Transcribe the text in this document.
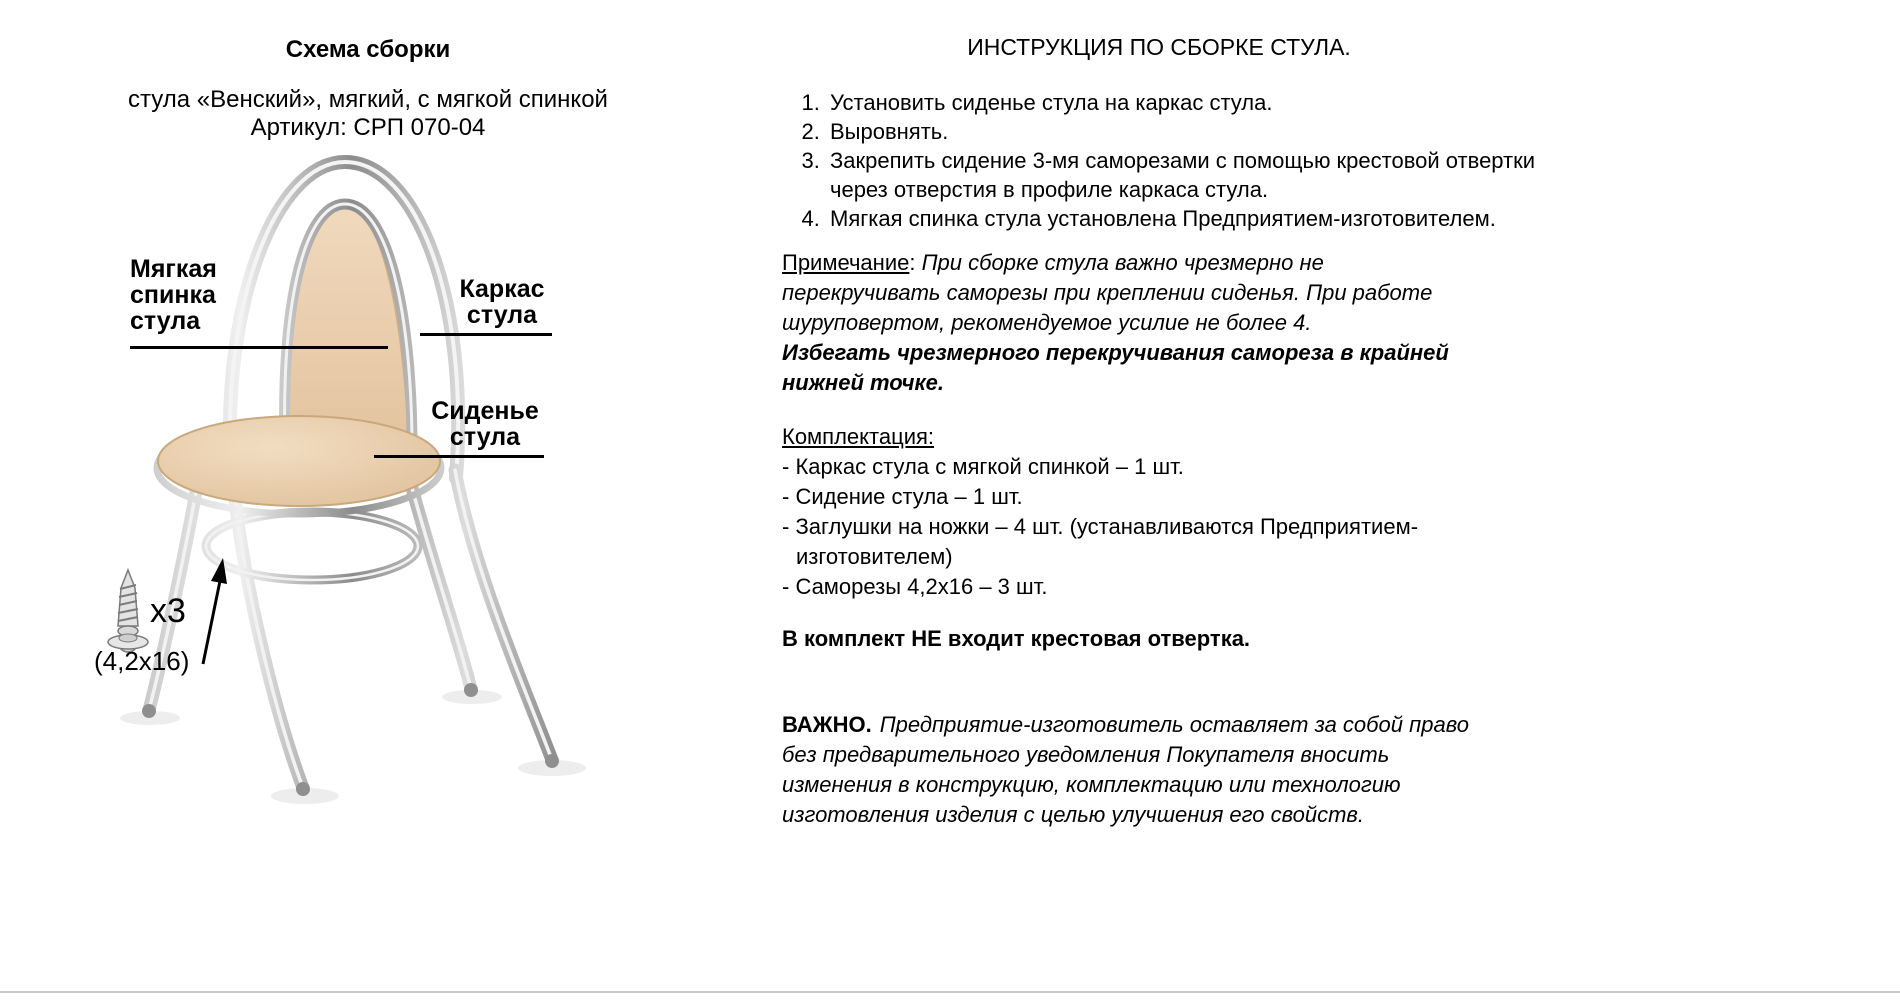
Схема сборки

стула «Венский», мягкий, с мягкой спинкой

Артикул: СРП 070-04

Мягкая
спинка
стула
Каркас
стула
Сиденье
стула
х3
(4,2х16)
ИНСТРУКЦИЯ ПО СБОРКЕ СТУЛА.
1. Установить сиденье стула на каркас стула.
2. Выровнять.
3. Закрепить сидение 3-мя саморезами с помощью крестовой отвертки через отверстия в профиле каркаса стула.
4. Мягкая спинка стула установлена Предприятием-изготовителем.
Примечание: При сборке стула важно чрезмерно не
перекручивать саморезы при креплении сиденья. При работе
шуруповертом, рекомендуемое усилие не более 4.
Избегать чрезмерного перекручивания самореза в крайней
нижней точке.
Комплектация:
- Каркас стула с мягкой спинкой – 1 шт.
- Сидение стула – 1 шт.
- Заглушки на ножки – 4 шт. (устанавливаются Предприятием-изготовителем)
- Саморезы 4,2х16 – 3 шт.
В комплект НЕ входит крестовая отвертка.
ВАЖНО. Предприятие-изготовитель оставляет за собой право
без предварительного уведомления Покупателя вносить
изменения в конструкцию, комплектацию или технологию
изготовления изделия с целью улучшения его свойств.
